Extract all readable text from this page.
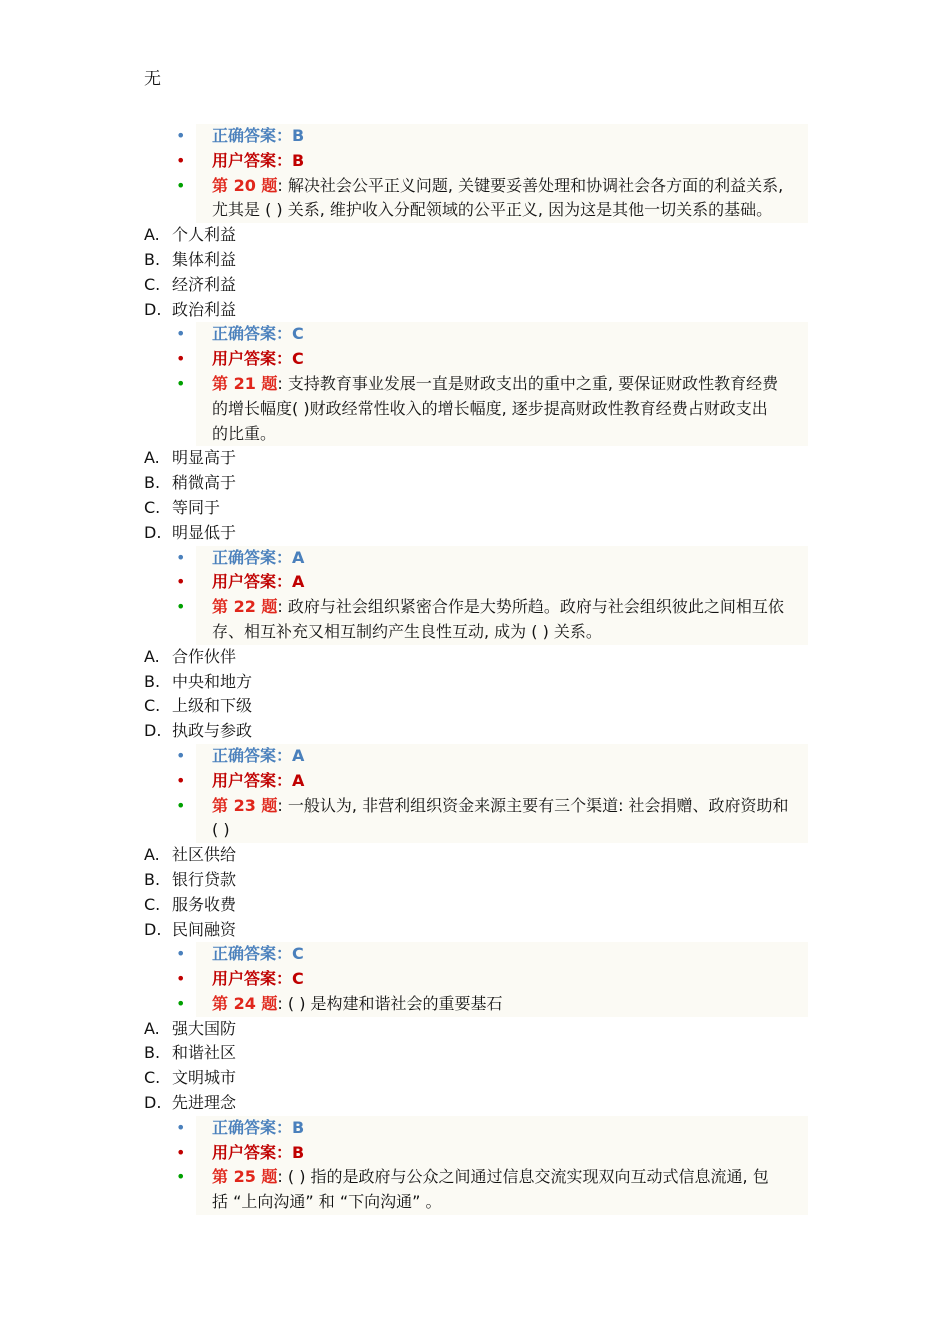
无
• 正确答案：B
• 用户答案：B
• 第 20 题: 解决社会公平正义问题, 关键要妥善处理和协调社会各方面的利益关系,
尤其是 ( ) 关系, 维护收入分配领域的公平正义, 因为这是其他一切关系的基础。
A. 个人利益
B. 集体利益
C. 经济利益
D. 政治利益
• 正确答案：C
• 用户答案：C
• 第 21 题: 支持教育事业发展一直是财政支出的重中之重, 要保证财政性教育经费
的增长幅度( )财政经常性收入的增长幅度, 逐步提高财政性教育经费占财政支出
的比重。
A. 明显高于
B. 稍微高于
C. 等同于
D. 明显低于
• 正确答案：A
• 用户答案：A
• 第 22 题: 政府与社会组织紧密合作是大势所趋。政府与社会组织彼此之间相互依
存、相互补充又相互制约产生良性互动, 成为 ( ) 关系。
A. 合作伙伴
B. 中央和地方
C. 上级和下级
D. 执政与参政
• 正确答案：A
• 用户答案：A
• 第 23 题: 一般认为, 非营利组织资金来源主要有三个渠道: 社会捐赠、政府资助和
( )
A. 社区供给
B. 银行贷款
C. 服务收费
D. 民间融资
• 正确答案：C
• 用户答案：C
• 第 24 题: ( ) 是构建和谐社会的重要基石
A. 强大国防
B. 和谐社区
C. 文明城市
D. 先进理念
• 正确答案：B
• 用户答案：B
• 第 25 题: ( ) 指的是政府与公众之间通过信息交流实现双向互动式信息流通, 包
括 “上向沟通” 和 “下向沟通” 。
